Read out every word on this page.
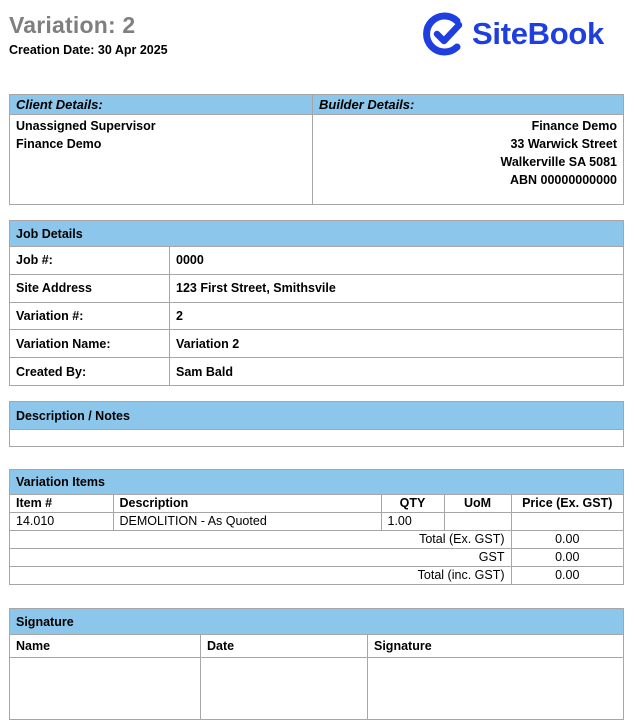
Variation: 2
Creation Date: 30 Apr 2025	SiteBook
Client Details:
Unassigned Supervisor
Finance Demo
Builder Details:
Finance Demo
33 Warwick Street
Walkerville SA 5081
ABN 00000000000
Job Details
Job #:	0000
Site Address	123 First Street, Smithsvile
Variation #:	2
Variation Name:	Variation 2
Created By:	Sam Bald
Description / Notes
Variation Items
Item #	Description	QTY	UoM	Price (Ex. GST)
14.010	DEMOLITION - As Quoted	1.00		
Total (Ex. GST)				0.00
GST				0.00
Total (inc. GST)				0.00
Signature
Name	Date	Signature
